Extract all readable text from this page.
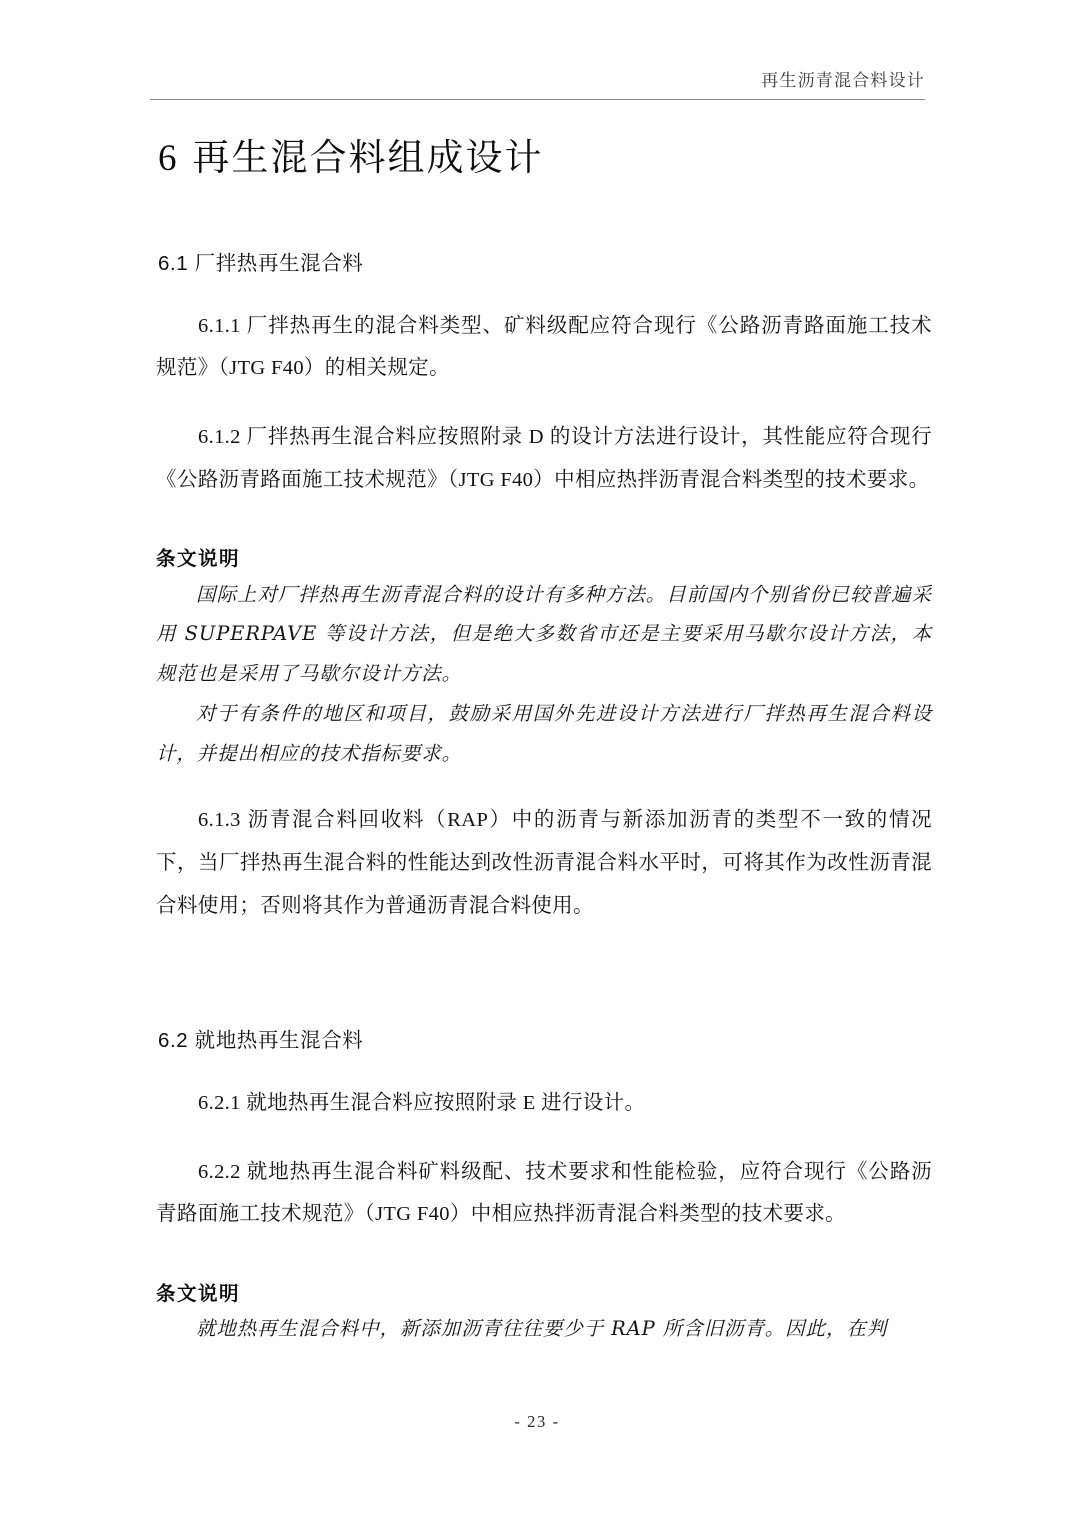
再生沥青混合料设计
6 再生混合料组成设计
6.1 厂拌热再生混合料

6.1.1 厂拌热再生的混合料类型、矿料级配应符合现行《公路沥青路面施工技术规范》（JTG F40）的相关规定。

6.1.2 厂拌热再生混合料应按照附录 D 的设计方法进行设计，其性能应符合现行《公路沥青路面施工技术规范》（JTG F40）中相应热拌沥青混合料类型的技术要求。

条文说明

国际上对厂拌热再生沥青混合料的设计有多种方法。目前国内个别省份已较普遍采用 SUPERPAVE 等设计方法，但是绝大多数省市还是主要采用马歇尔设计方法，本规范也是采用了马歇尔设计方法。

对于有条件的地区和项目，鼓励采用国外先进设计方法进行厂拌热再生混合料设计，并提出相应的技术指标要求。

6.1.3 沥青混合料回收料（RAP）中的沥青与新添加沥青的类型不一致的情况下，当厂拌热再生混合料的性能达到改性沥青混合料水平时，可将其作为改性沥青混合料使用；否则将其作为普通沥青混合料使用。

6.2 就地热再生混合料

6.2.1 就地热再生混合料应按照附录 E 进行设计。

6.2.2 就地热再生混合料矿料级配、技术要求和性能检验，应符合现行《公路沥青路面施工技术规范》（JTG F40）中相应热拌沥青混合料类型的技术要求。

条文说明

就地热再生混合料中，新添加沥青往往要少于 RAP 所含旧沥青。因此，在判

- 23 -
